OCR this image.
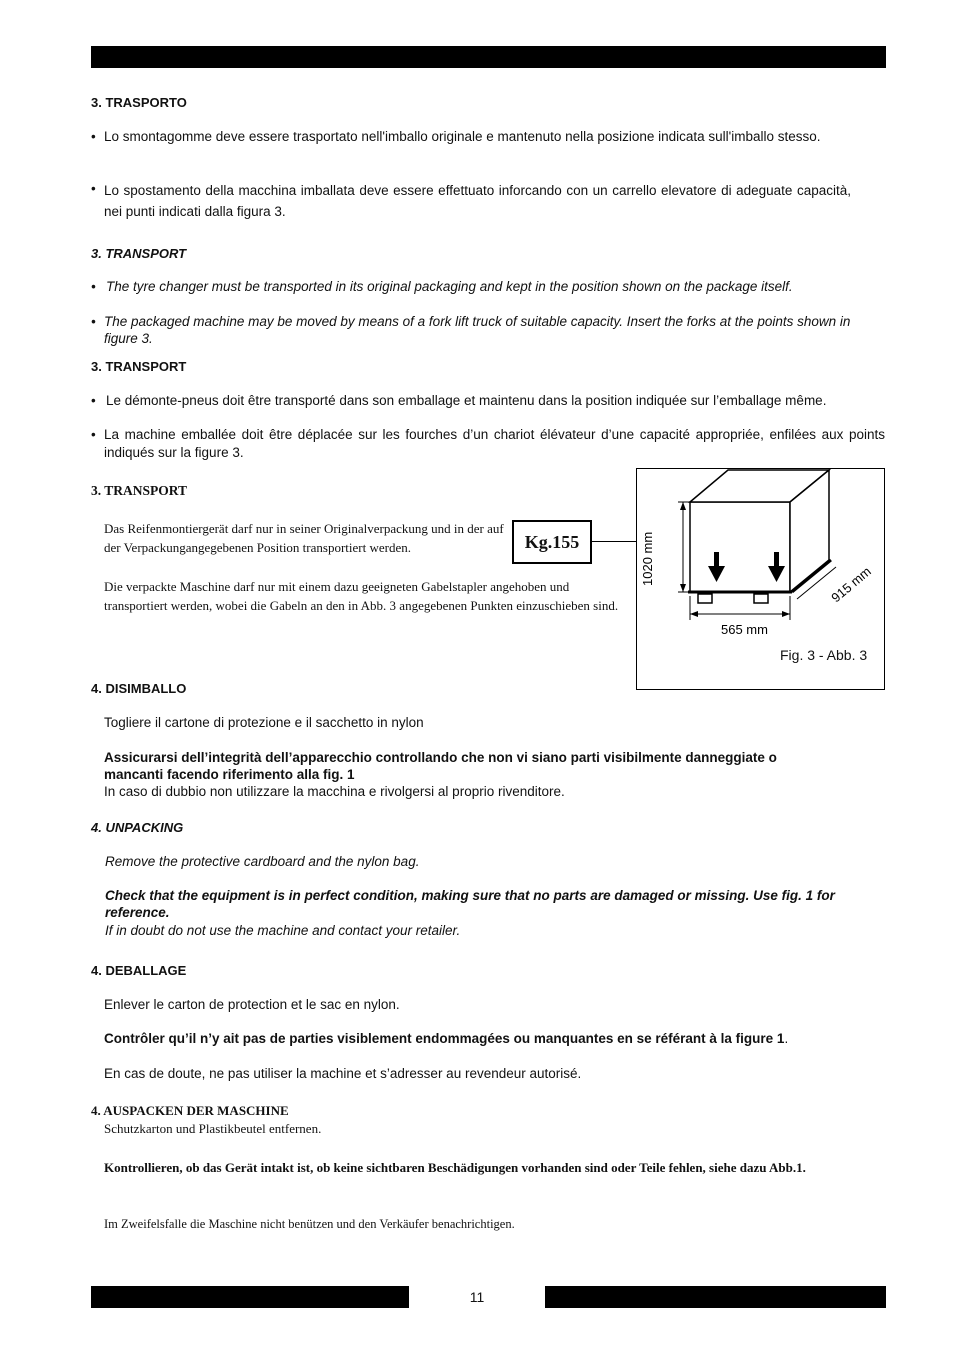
3. TRASPORTO
• Lo smontagomme deve essere trasportato nell'imballo originale e mantenuto nella posizione indicata sull'imballo stesso.
• Lo spostamento della macchina imballata deve essere effettuato inforcando con un carrello elevatore di adeguate capacità, nei punti indicati dalla figura 3.
3. TRANSPORT
• The tyre changer must be transported in its original packaging and kept in the position shown on the package itself.
• The packaged machine may be moved by means of a fork lift truck of suitable capacity. Insert the forks at the points shown in figure 3.
3. TRANSPORT
• Le démonte-pneus doit être transporté dans son emballage et maintenu dans la position indiquée sur l’emballage même.
• La machine emballée doit être déplacée sur les fourches d’un chariot élévateur d’une capacité appropriée, enfilées aux points indiqués sur la figure 3.
3. TRANSPORT
Das Reifenmontiergerät darf nur in seiner Originalverpackung und in der auf der Verpackungangegebenen Position transportiert werden.
Die verpackte Maschine darf nur mit einem dazu geeigneten Gabelstapler angehoben und transportiert werden, wobei die Gabeln an den in Abb. 3 angegebenen Punkten einzuschieben sind.
Kg.155	1020 mm	915 mm
565 mm
Fig. 3 - Abb. 3
4. DISIMBALLO
Togliere il cartone di protezione e il sacchetto in nylon
Assicurarsi dell’integrità dell’apparecchio controllando che non vi siano parti visibilmente danneggiate o mancanti facendo riferimento alla fig. 1
In caso di dubbio non utilizzare la macchina e rivolgersi al proprio rivenditore.
4. UNPACKING
Remove the protective cardboard and the nylon bag.
Check that the equipment is in perfect condition, making sure that no parts are damaged or missing. Use fig. 1 for reference.
If in doubt do not use the machine and contact your retailer.
4. DEBALLAGE
Enlever le carton de protection et le sac en nylon.
Contrôler qu’il n’y ait pas de parties visiblement endommagées ou manquantes en se référant à la figure 1.
En cas de doute, ne pas utiliser la machine et s’adresser au revendeur autorisé.
4. AUSPACKEN DER MASCHINE
Schutzkarton und Plastikbeutel entfernen.
Kontrollieren, ob das Gerät intakt ist, ob keine sichtbaren Beschädigungen vorhanden sind oder Teile fehlen, siehe dazu Abb.1.
Im Zweifelsfalle die Maschine nicht benützen und den Verkäufer benachrichtigen.
11
